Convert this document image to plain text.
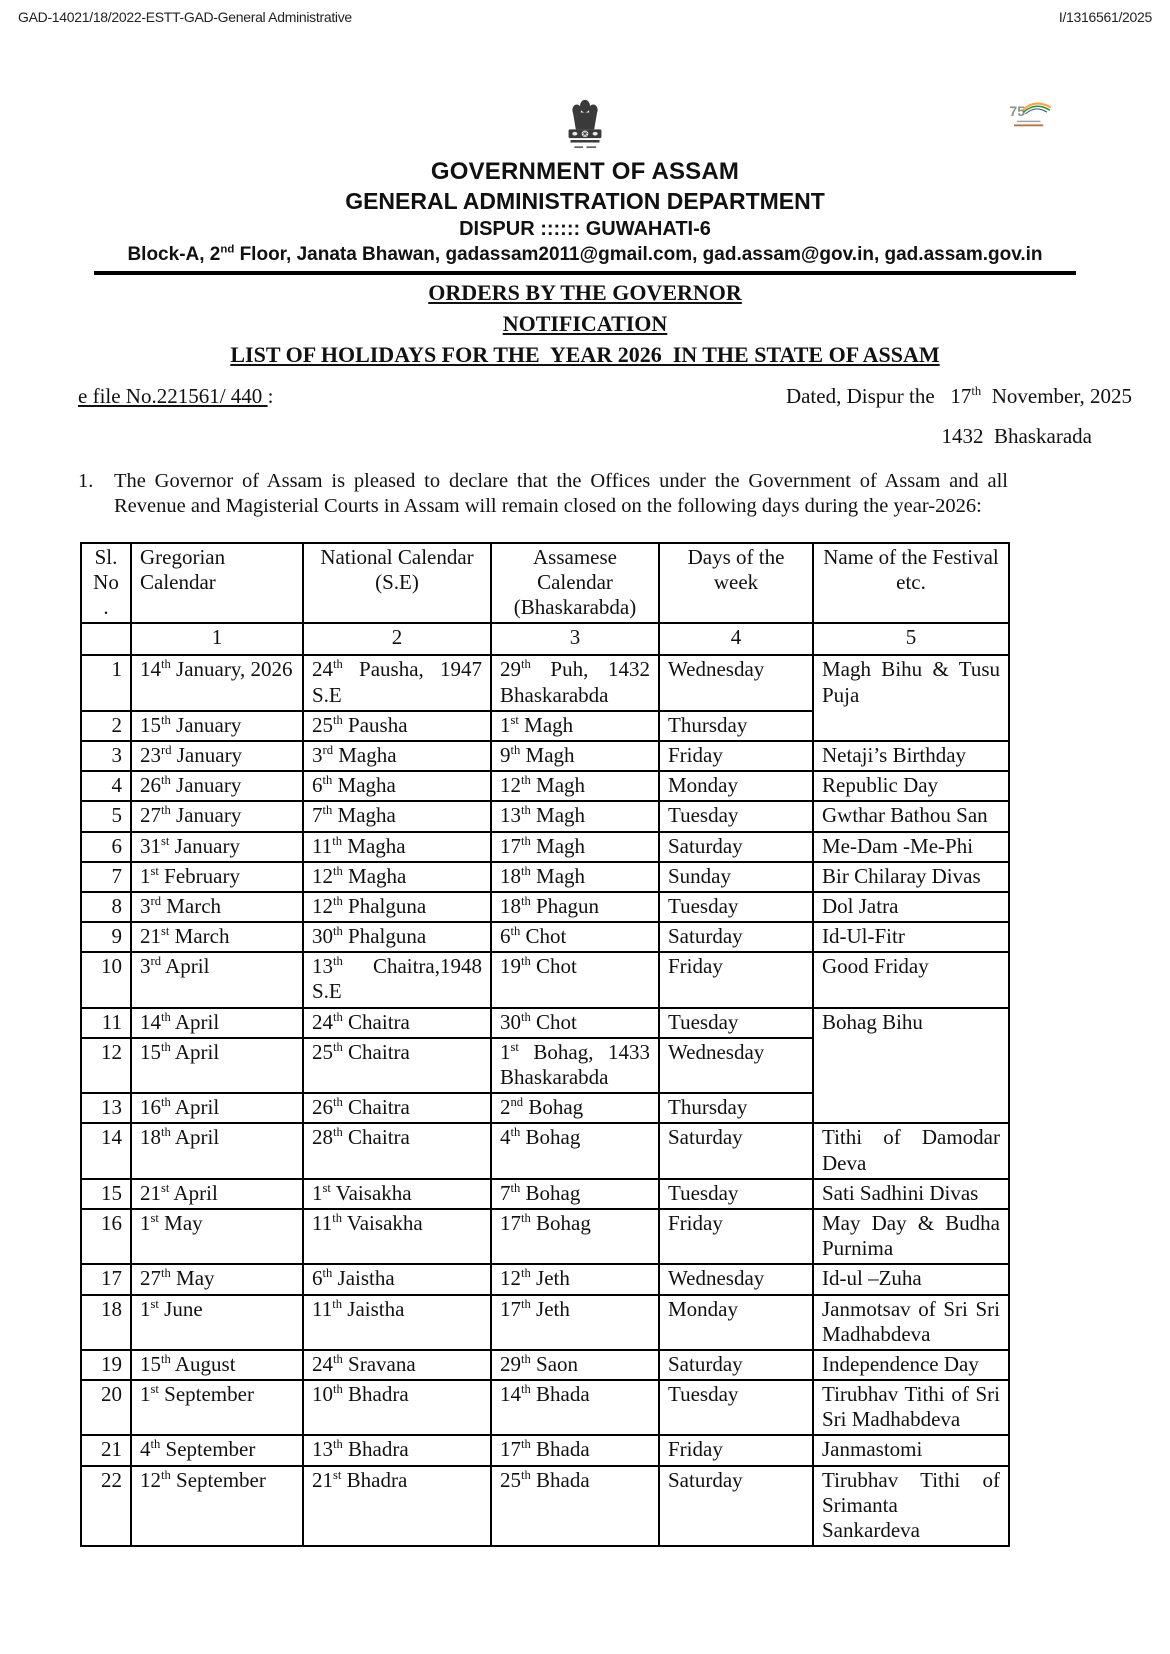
GAD-14021/18/2022-ESTT-GAD-General Administrative	I/1316561/2025
75
GOVERNMENT OF ASSAM
GENERAL ADMINISTRATION DEPARTMENT
DISPUR :::::: GUWAHATI-6
Block-A, 2nd Floor, Janata Bhawan, gadassam2011@gmail.com, gad.assam@gov.in, gad.assam.gov.in
ORDERS BY THE GOVERNOR
NOTIFICATION
LIST OF HOLIDAYS FOR THE  YEAR 2026  IN THE STATE OF ASSAM
e file No.221561/ 440 :	Dated, Dispur the   17th  November, 2025
1432  Bhaskarada
1.	The Governor of Assam is pleased to declare that the Offices under the Government of Assam and all Revenue and Magisterial Courts in Assam will remain closed on the following days during the year-2026:
Sl. No .	Gregorian Calendar	National Calendar (S.E)	Assamese Calendar (Bhaskarabda)	Days of the week	Name of the Festival etc.
	1	2	3	4	5
1	14th January, 2026	24th Pausha, 1947 S.E	29th Puh, 1432 Bhaskarabda	Wednesday	Magh Bihu & Tusu Puja
2	15th January	25th Pausha	1st Magh	Thursday	
3	23rd January	3rd Magha	9th Magh	Friday	Netaji’s Birthday
4	26th January	6th Magha	12th Magh	Monday	Republic Day
5	27th January	7th Magha	13th Magh	Tuesday	Gwthar Bathou San
6	31st January	11th Magha	17th Magh	Saturday	Me-Dam -Me-Phi
7	1st February	12th Magha	18th Magh	Sunday	Bir Chilaray Divas
8	3rd March	12th Phalguna	18th Phagun	Tuesday	Dol Jatra
9	21st March	30th Phalguna	6th Chot	Saturday	Id-Ul-Fitr
10	3rd April	13th Chaitra,1948 S.E	19th Chot	Friday	Good Friday
11	14th April	24th Chaitra	30th Chot	Tuesday	Bohag Bihu
12	15th April	25th Chaitra	1st Bohag, 1433 Bhaskarabda	Wednesday	
13	16th April	26th Chaitra	2nd Bohag	Thursday	
14	18th April	28th Chaitra	4th Bohag	Saturday	Tithi of Damodar Deva
15	21st April	1st Vaisakha	7th Bohag	Tuesday	Sati Sadhini Divas
16	1st May	11th Vaisakha	17th Bohag	Friday	May Day & Budha Purnima
17	27th May	6th Jaistha	12th Jeth	Wednesday	Id-ul –Zuha
18	1st June	11th Jaistha	17th Jeth	Monday	Janmotsav of Sri Sri Madhabdeva
19	15th August	24th Sravana	29th Saon	Saturday	Independence Day
20	1st September	10th Bhadra	14th Bhada	Tuesday	Tirubhav Tithi of Sri Sri Madhabdeva
21	4th September	13th Bhadra	17th Bhada	Friday	Janmastomi
22	12th September	21st Bhadra	25th Bhada	Saturday	Tirubhav Tithi of Srimanta Sankardeva
